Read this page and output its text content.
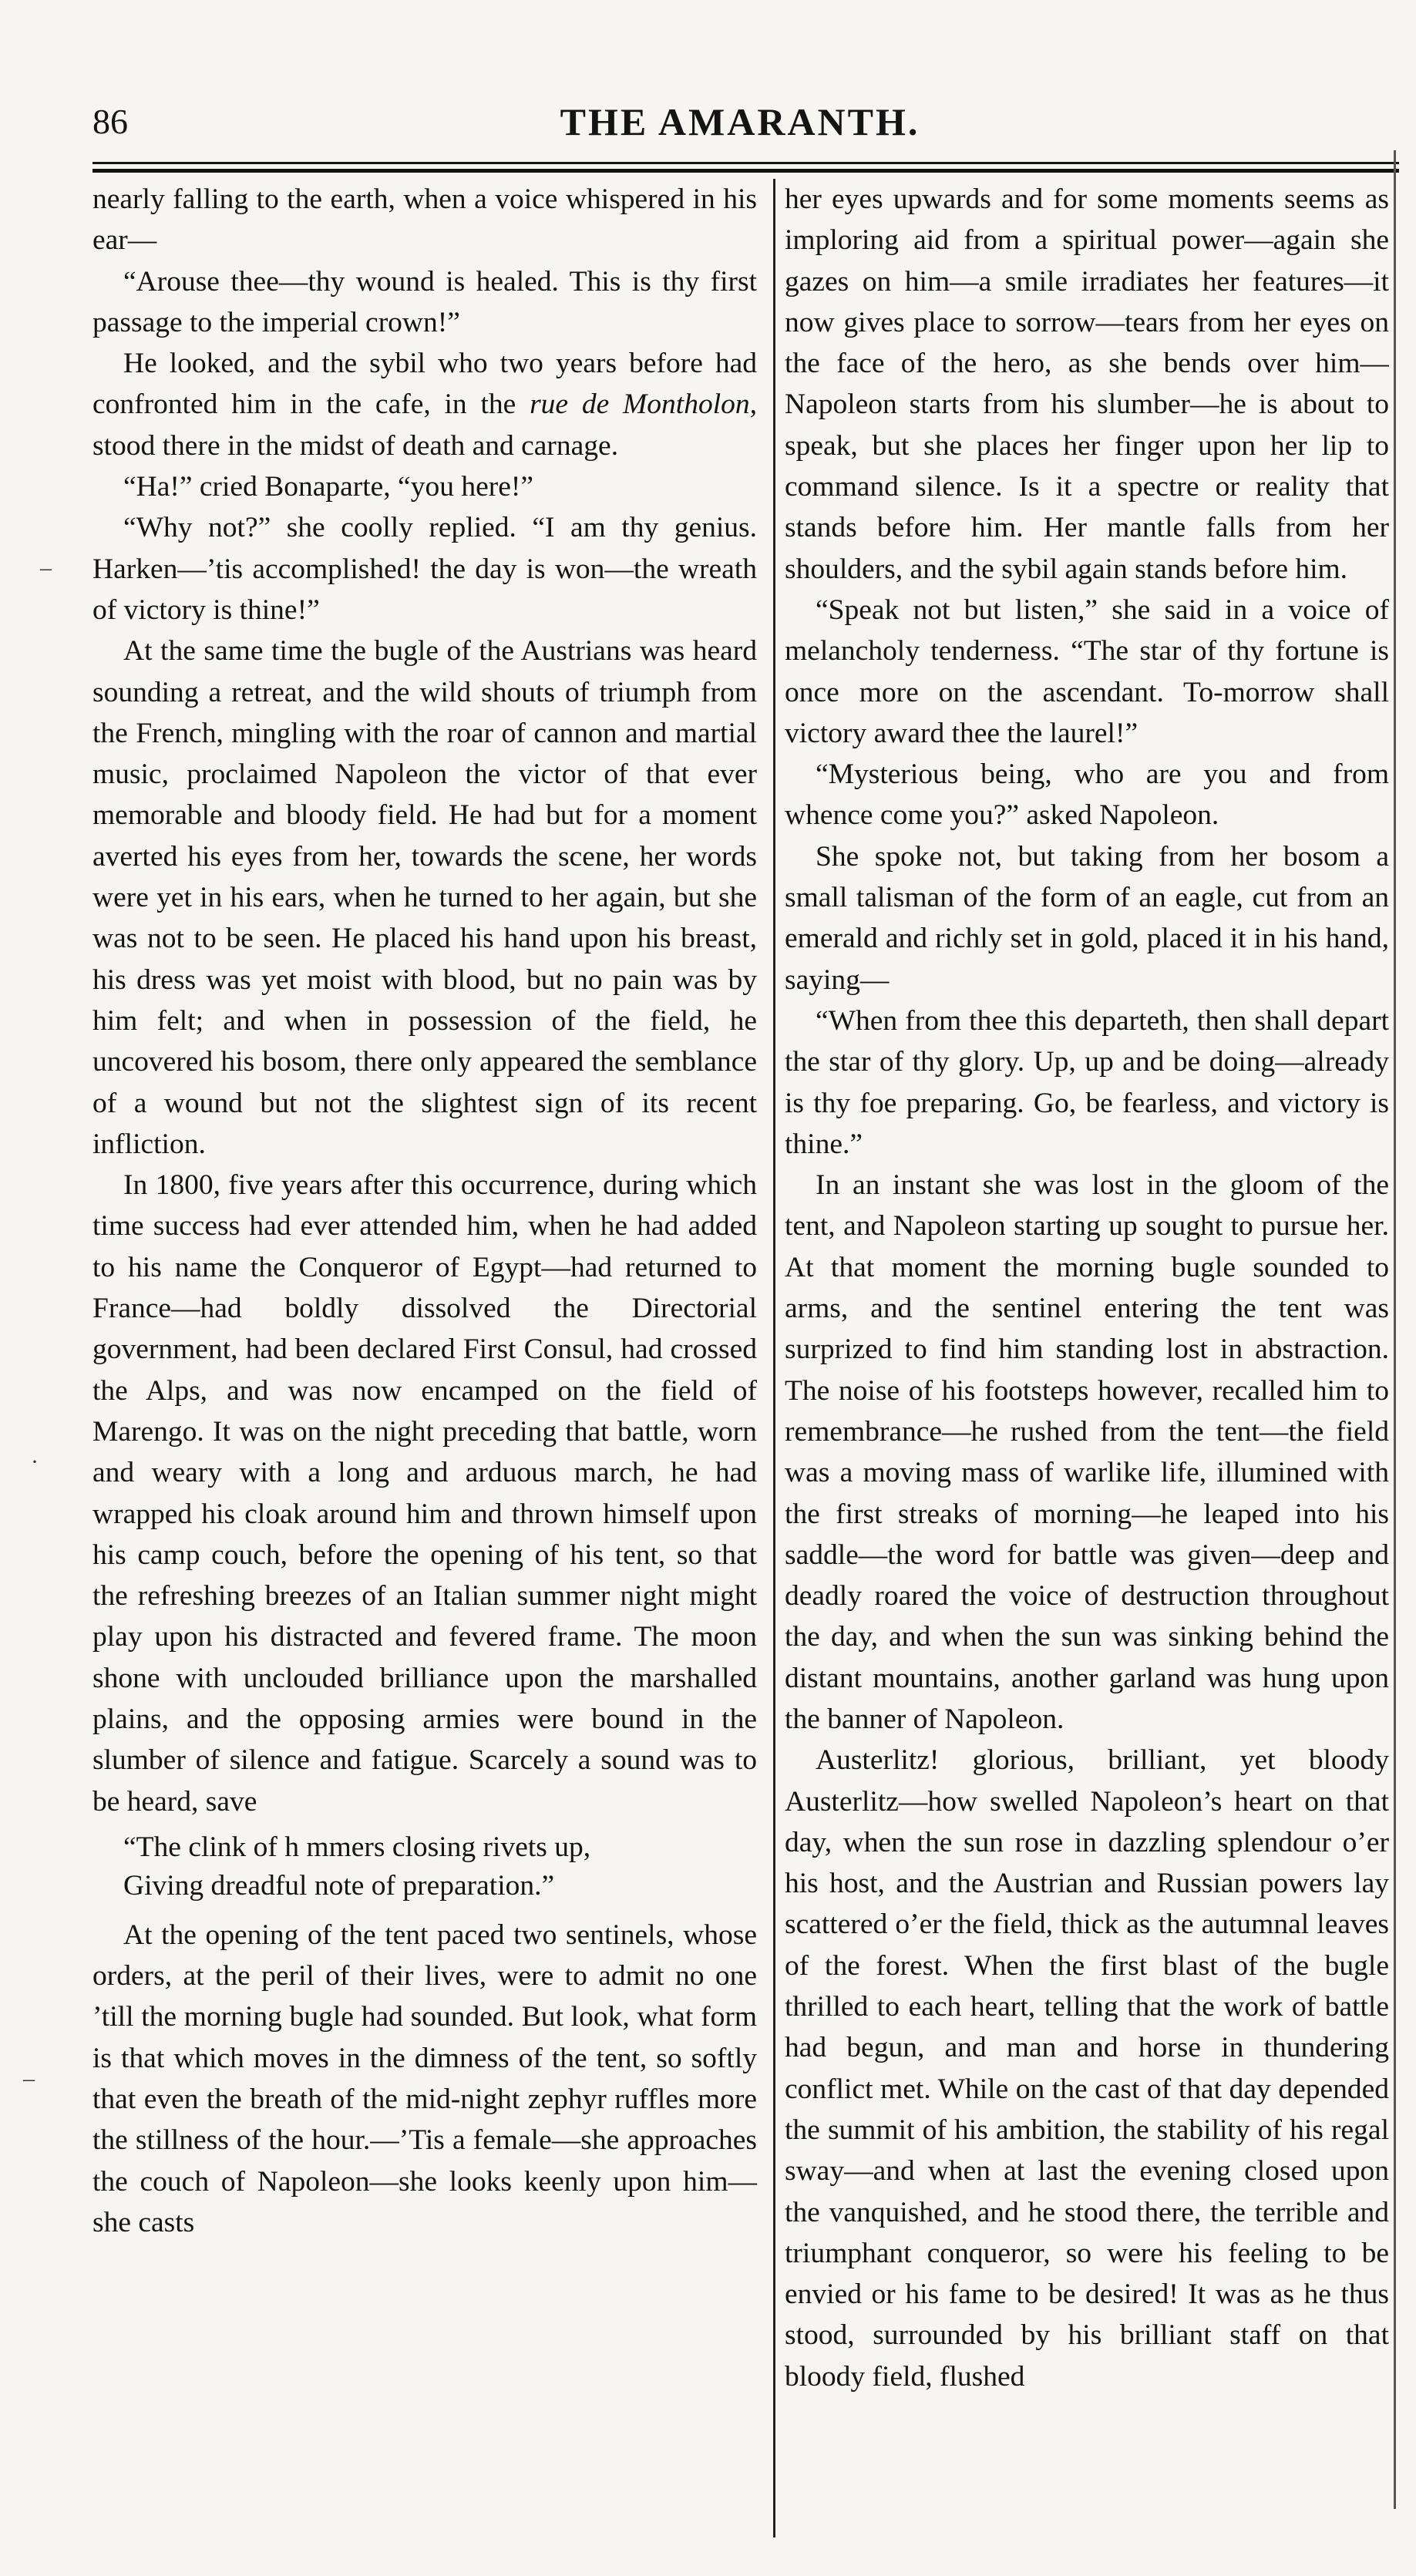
86	THE AMARANTH.
–
·
–

nearly falling to the earth, when a voice whispered in his ear—

“Arouse thee—thy wound is healed. This is thy first passage to the imperial crown!”

He looked, and the sybil who two years before had confronted him in the cafe, in the rue de Montholon, stood there in the midst of death and carnage.

“Ha!” cried Bonaparte, “you here!”

“Why not?” she coolly replied. “I am thy genius. Harken—’tis accomplished! the day is won—the wreath of victory is thine!”

At the same time the bugle of the Austrians was heard sounding a retreat, and the wild shouts of triumph from the French, mingling with the roar of cannon and martial music, proclaimed Napoleon the victor of that ever memorable and bloody field. He had but for a moment averted his eyes from her, towards the scene, her words were yet in his ears, when he turned to her again, but she was not to be seen. He placed his hand upon his breast, his dress was yet moist with blood, but no pain was by him felt; and when in possession of the field, he uncovered his bosom, there only appeared the semblance of a wound but not the slightest sign of its recent infliction.

In 1800, five years after this occurrence, during which time success had ever attended him, when he had added to his name the Conqueror of Egypt—had returned to France—had boldly dissolved the Directorial government, had been declared First Consul, had crossed the Alps, and was now encamped on the field of Marengo. It was on the night preceding that battle, worn and weary with a long and arduous march, he had wrapped his cloak around him and thrown himself upon his camp couch, before the opening of his tent, so that the refreshing breezes of an Italian summer night might play upon his distracted and fevered frame. The moon shone with unclouded brilliance upon the marshalled plains, and the opposing armies were bound in the slumber of silence and fatigue. Scarcely a sound was to be heard, save

“The clink of h mmers closing rivets up,
Giving dreadful note of preparation.”

At the opening of the tent paced two sentinels, whose orders, at the peril of their lives, were to admit no one ’till the morning bugle had sounded. But look, what form is that which moves in the dimness of the tent, so softly that even the breath of the mid-night zephyr ruffles more the stillness of the hour.—’Tis a female—she approaches the couch of Napoleon—she looks keenly upon him—she casts

her eyes upwards and for some moments seems as imploring aid from a spiritual power—again she gazes on him—a smile irradiates her features—it now gives place to sorrow—tears from her eyes on the face of the hero, as she bends over him—Napoleon starts from his slumber—he is about to speak, but she places her finger upon her lip to command silence. Is it a spectre or reality that stands before him. Her mantle falls from her shoulders, and the sybil again stands before him.

“Speak not but listen,” she said in a voice of melancholy tenderness. “The star of thy fortune is once more on the ascendant. To-morrow shall victory award thee the laurel!”

“Mysterious being, who are you and from whence come you?” asked Napoleon.

She spoke not, but taking from her bosom a small talisman of the form of an eagle, cut from an emerald and richly set in gold, placed it in his hand, saying—

“When from thee this departeth, then shall depart the star of thy glory. Up, up and be doing—already is thy foe preparing. Go, be fearless, and victory is thine.”

In an instant she was lost in the gloom of the tent, and Napoleon starting up sought to pursue her. At that moment the morning bugle sounded to arms, and the sentinel entering the tent was surprized to find him standing lost in abstraction. The noise of his footsteps however, recalled him to remembrance—he rushed from the tent—the field was a moving mass of warlike life, illumined with the first streaks of morning—he leaped into his saddle—the word for battle was given—deep and deadly roared the voice of destruction throughout the day, and when the sun was sinking behind the distant mountains, another garland was hung upon the banner of Napoleon.

Austerlitz! glorious, brilliant, yet bloody Austerlitz—how swelled Napoleon’s heart on that day, when the sun rose in dazzling splendour o’er his host, and the Austrian and Russian powers lay scattered o’er the field, thick as the autumnal leaves of the forest. When the first blast of the bugle thrilled to each heart, telling that the work of battle had begun, and man and horse in thundering conflict met. While on the cast of that day depended the summit of his ambition, the stability of his regal sway—and when at last the evening closed upon the vanquished, and he stood there, the terrible and triumphant conqueror, so were his feeling to be envied or his fame to be desired! It was as he thus stood, surrounded by his brilliant staff on that bloody field, flushed
